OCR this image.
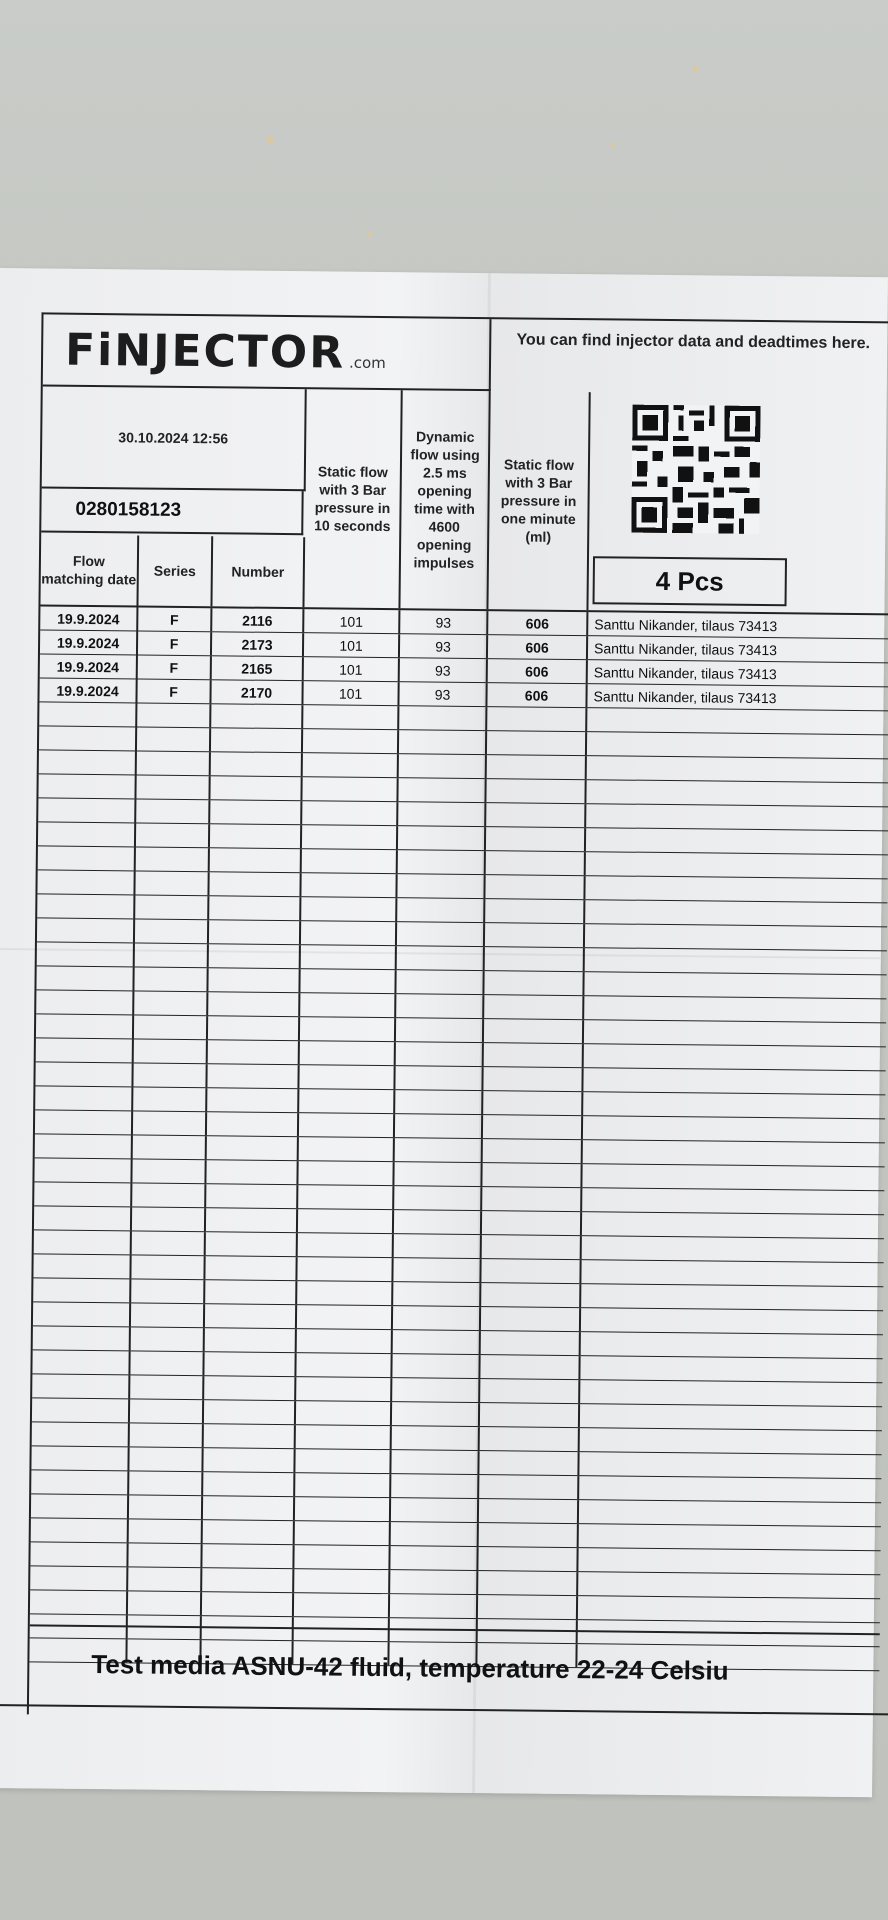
FiNJECTOR .com
You can find injector data and deadtimes here.
4 Pcs
30.10.2024 12:56
0280158123
Flow matching date	Series	Number
Static flow with 3 Bar pressure in 10 seconds
Dynamic flow using 2.5 ms opening time with 4600 opening impulses
Static flow with 3 Bar pressure in one minute (ml)
19.9.2024	F	2116	101	93	606	Santtu Nikander, tilaus 73413
19.9.2024	F	2173	101	93	606	Santtu Nikander, tilaus 73413
19.9.2024	F	2165	101	93	606	Santtu Nikander, tilaus 73413
19.9.2024	F	2170	101	93	606	Santtu Nikander, tilaus 73413
Test media ASNU-42 fluid, temperature 22-24 Celsiu
